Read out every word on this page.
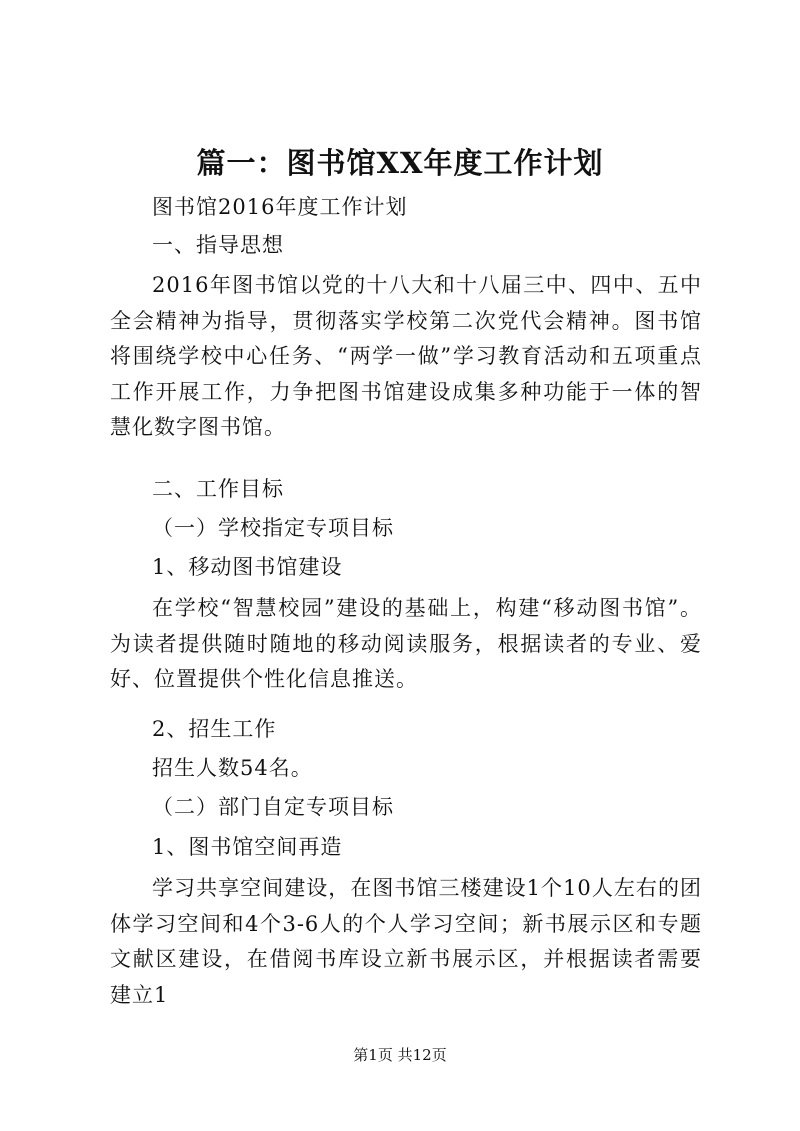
篇一：图书馆XX年度工作计划
图书馆2016年度工作计划
一、指导思想
2016年图书馆以党的十八大和十八届三中、四中、五中全会精神为指导，贯彻落实学校第二次党代会精神。图书馆将围绕学校中心任务、“两学一做”学习教育活动和五项重点工作开展工作，力争把图书馆建设成集多种功能于一体的智慧化数字图书馆。
二、工作目标
（一）学校指定专项目标
1、移动图书馆建设
在学校“智慧校园”建设的基础上，构建“移动图书馆”。为读者提供随时随地的移动阅读服务，根据读者的专业、爱好、位置提供个性化信息推送。
2、招生工作
招生人数54名。
（二）部门自定专项目标
1、图书馆空间再造
学习共享空间建设，在图书馆三楼建设1个10人左右的团体学习空间和4个3-6人的个人学习空间；新书展示区和专题文献区建设，在借阅书库设立新书展示区，并根据读者需要建立1
第1页 共12页
